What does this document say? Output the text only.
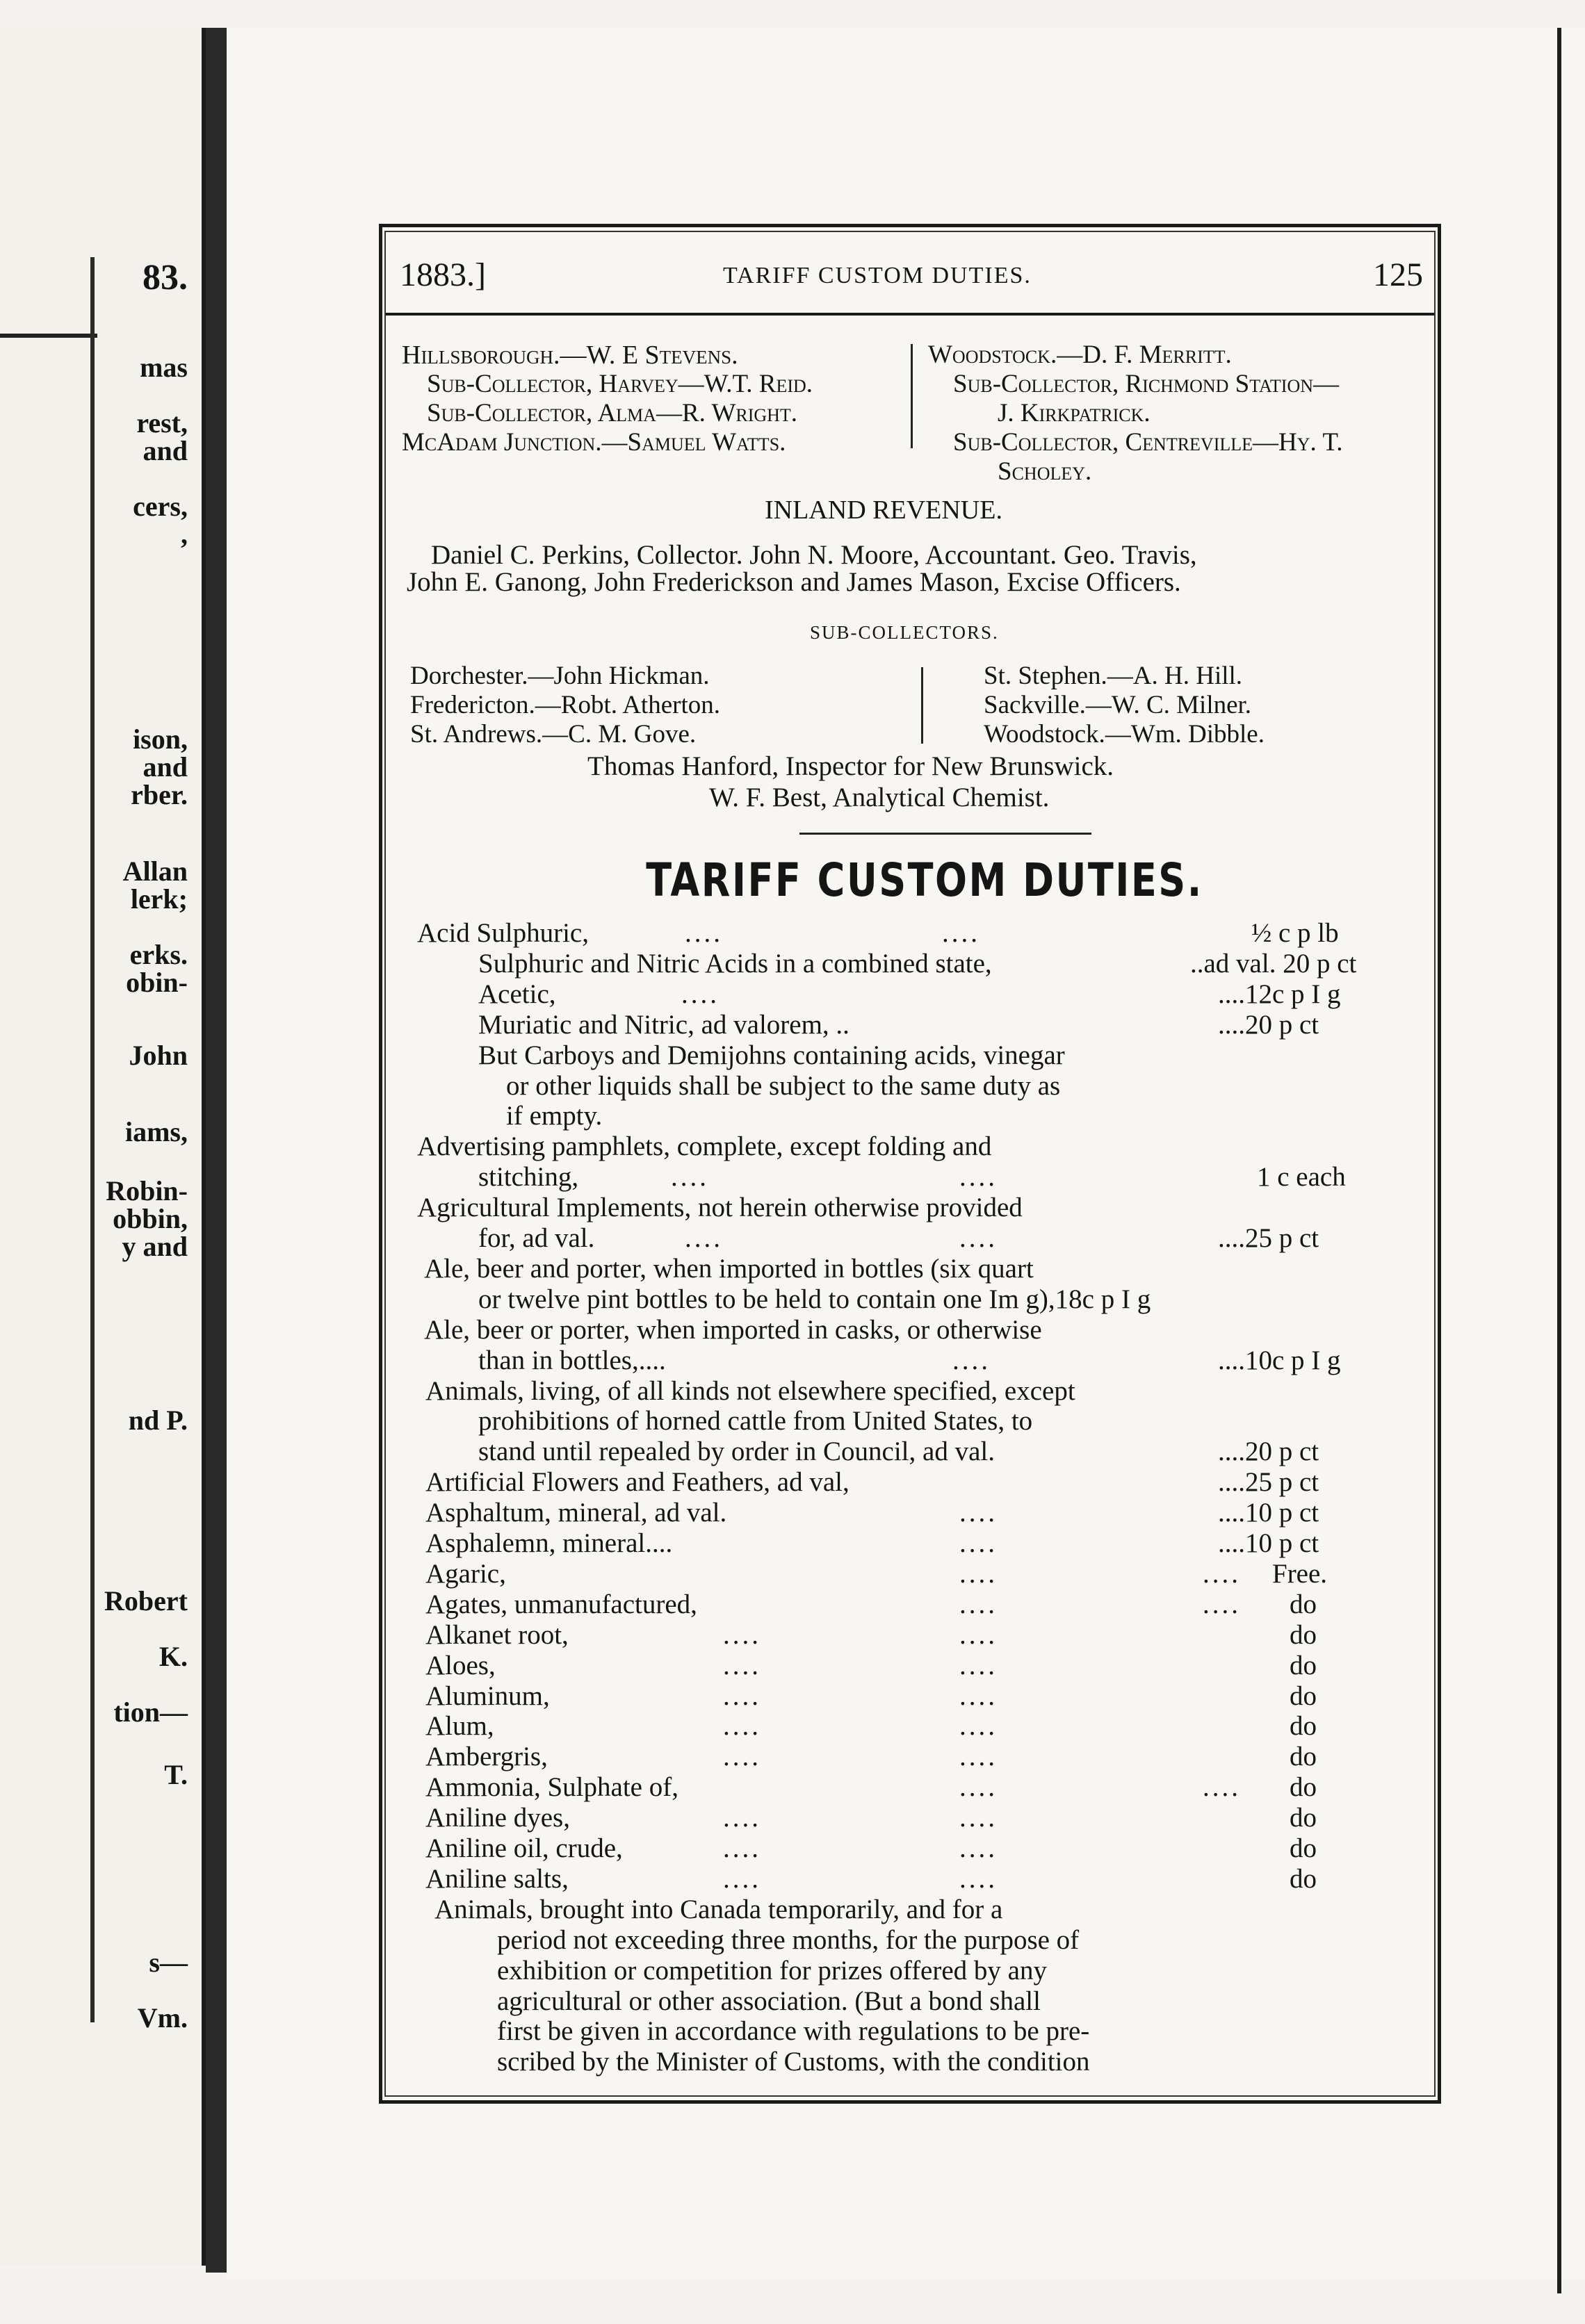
83.
mas
rest,
and
cers,
,
ison,
and
rber.
Allan
lerk;
erks.
obin-
John
iams,
Robin-
obbin,
y and
nd P.
Robert
K.
tion—
T.
s—
Vm.
1883.]	TARIFF CUSTOM DUTIES.	125
Hillsborough.—W. E Stevens.
Sub-Collector, Harvey—W.T. Reid.
Sub-Collector, Alma—R. Wright.
McAdam Junction.—Samuel Watts.
Woodstock.—D. F. Merritt.
Sub-Collector, Richmond Station—
J. Kirkpatrick.
Sub-Collector, Centreville—Hy. T.
Scholey.
INLAND REVENUE.
Daniel C. Perkins, Collector. John N. Moore, Accountant. Geo. Travis,
John E. Ganong, John Frederickson and James Mason, Excise Officers.
SUB-COLLECTORS.
Dorchester.—John Hickman.
Fredericton.—Robt. Atherton.
St. Andrews.—C. M. Gove.
St. Stephen.—A. H. Hill.
Sackville.—W. C. Milner.
Woodstock.—Wm. Dibble.
Thomas Hanford, Inspector for New Brunswick.
W. F. Best, Analytical Chemist.
TARIFF CUSTOM DUTIES.
Acid Sulphuric,	....	....	½ c p lb
Sulphuric and Nitric Acids in a combined state,	..ad val. 20 p ct
Acetic,	....	....12c p I g
Muriatic and Nitric, ad valorem, ..	....20 p ct
But Carboys and Demijohns containing acids, vinegar
or other liquids shall be subject to the same duty as
if empty.
Advertising pamphlets, complete, except folding and
stitching,	....	....	1 c each
Agricultural Implements, not herein otherwise provided
for, ad val.	....	....	....25 p ct
Ale, beer and porter, when imported in bottles (six quart
or twelve pint bottles to be held to contain one Im g),18c p I g
Ale, beer or porter, when imported in casks, or otherwise
than in bottles,....	....	....10c p I g
Animals, living, of all kinds not elsewhere specified, except
prohibitions of horned cattle from United States, to
stand until repealed by order in Council, ad val.	....20 p ct
Artificial Flowers and Feathers, ad val,	....25 p ct
Asphaltum, mineral, ad val.	....	....10 p ct
Asphalemn, mineral....	....	....10 p ct
Agaric,	....	.... Free.
Agates, unmanufactured,	....	.... do
Alkanet root,	....	....	do
Aloes,	....	....	do
Aluminum,	....	....	do
Alum,	....	....	do
Ambergris,	....	....	do
Ammonia, Sulphate of,	....	.... do
Aniline dyes,	....	....	do
Aniline oil, crude,	....	....	do
Aniline salts,	....	....	do
Animals, brought into Canada temporarily, and for a
period not exceeding three months, for the purpose of
exhibition or competition for prizes offered by any
agricultural or other association. (But a bond shall
first be given in accordance with regulations to be pre-
scribed by the Minister of Customs, with the condition
